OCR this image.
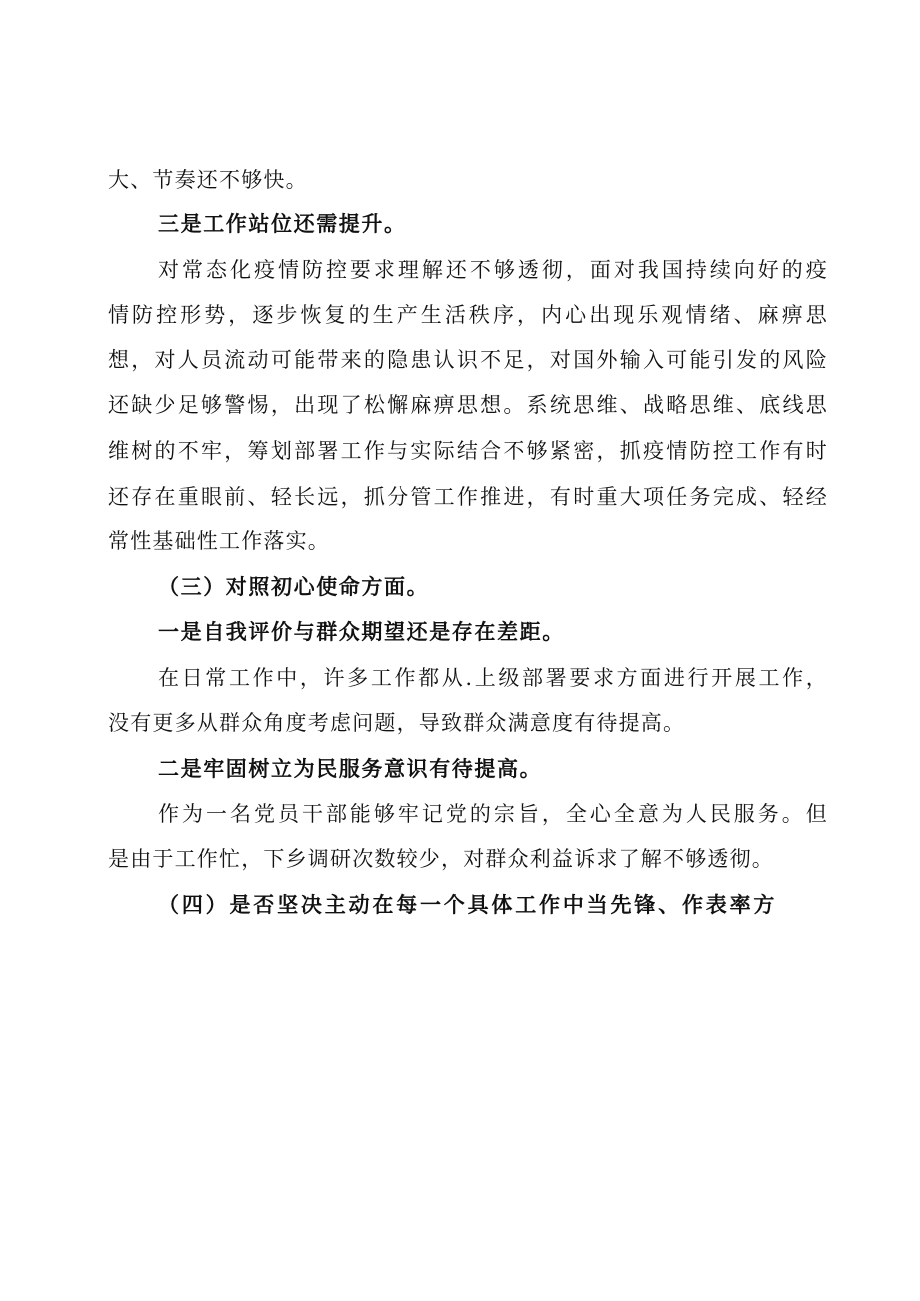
大、节奏还不够快。
三是工作站位还需提升。
对常态化疫情防控要求理解还不够透彻，面对我国持续向好的疫
情防控形势，逐步恢复的生产生活秩序，内心出现乐观情绪、麻痹思
想，对人员流动可能带来的隐患认识不足，对国外输入可能引发的风险
还缺少足够警惕，出现了松懈麻痹思想。系统思维、战略思维、底线思
维树的不牢，筹划部署工作与实际结合不够紧密，抓疫情防控工作有时
还存在重眼前、轻长远，抓分管工作推进，有时重大项任务完成、轻经
常性基础性工作落实。
（三）对照初心使命方面。
一是自我评价与群众期望还是存在差距。
在日常工作中，许多工作都从.上级部署要求方面进行开展工作，
没有更多从群众角度考虑问题，导致群众满意度有待提高。
二是牢固树立为民服务意识有待提高。
作为一名党员干部能够牢记党的宗旨，全心全意为人民服务。但
是由于工作忙，下乡调研次数较少，对群众利益诉求了解不够透彻。
（四）是否坚决主动在每一个具体工作中当先锋、作表率方
